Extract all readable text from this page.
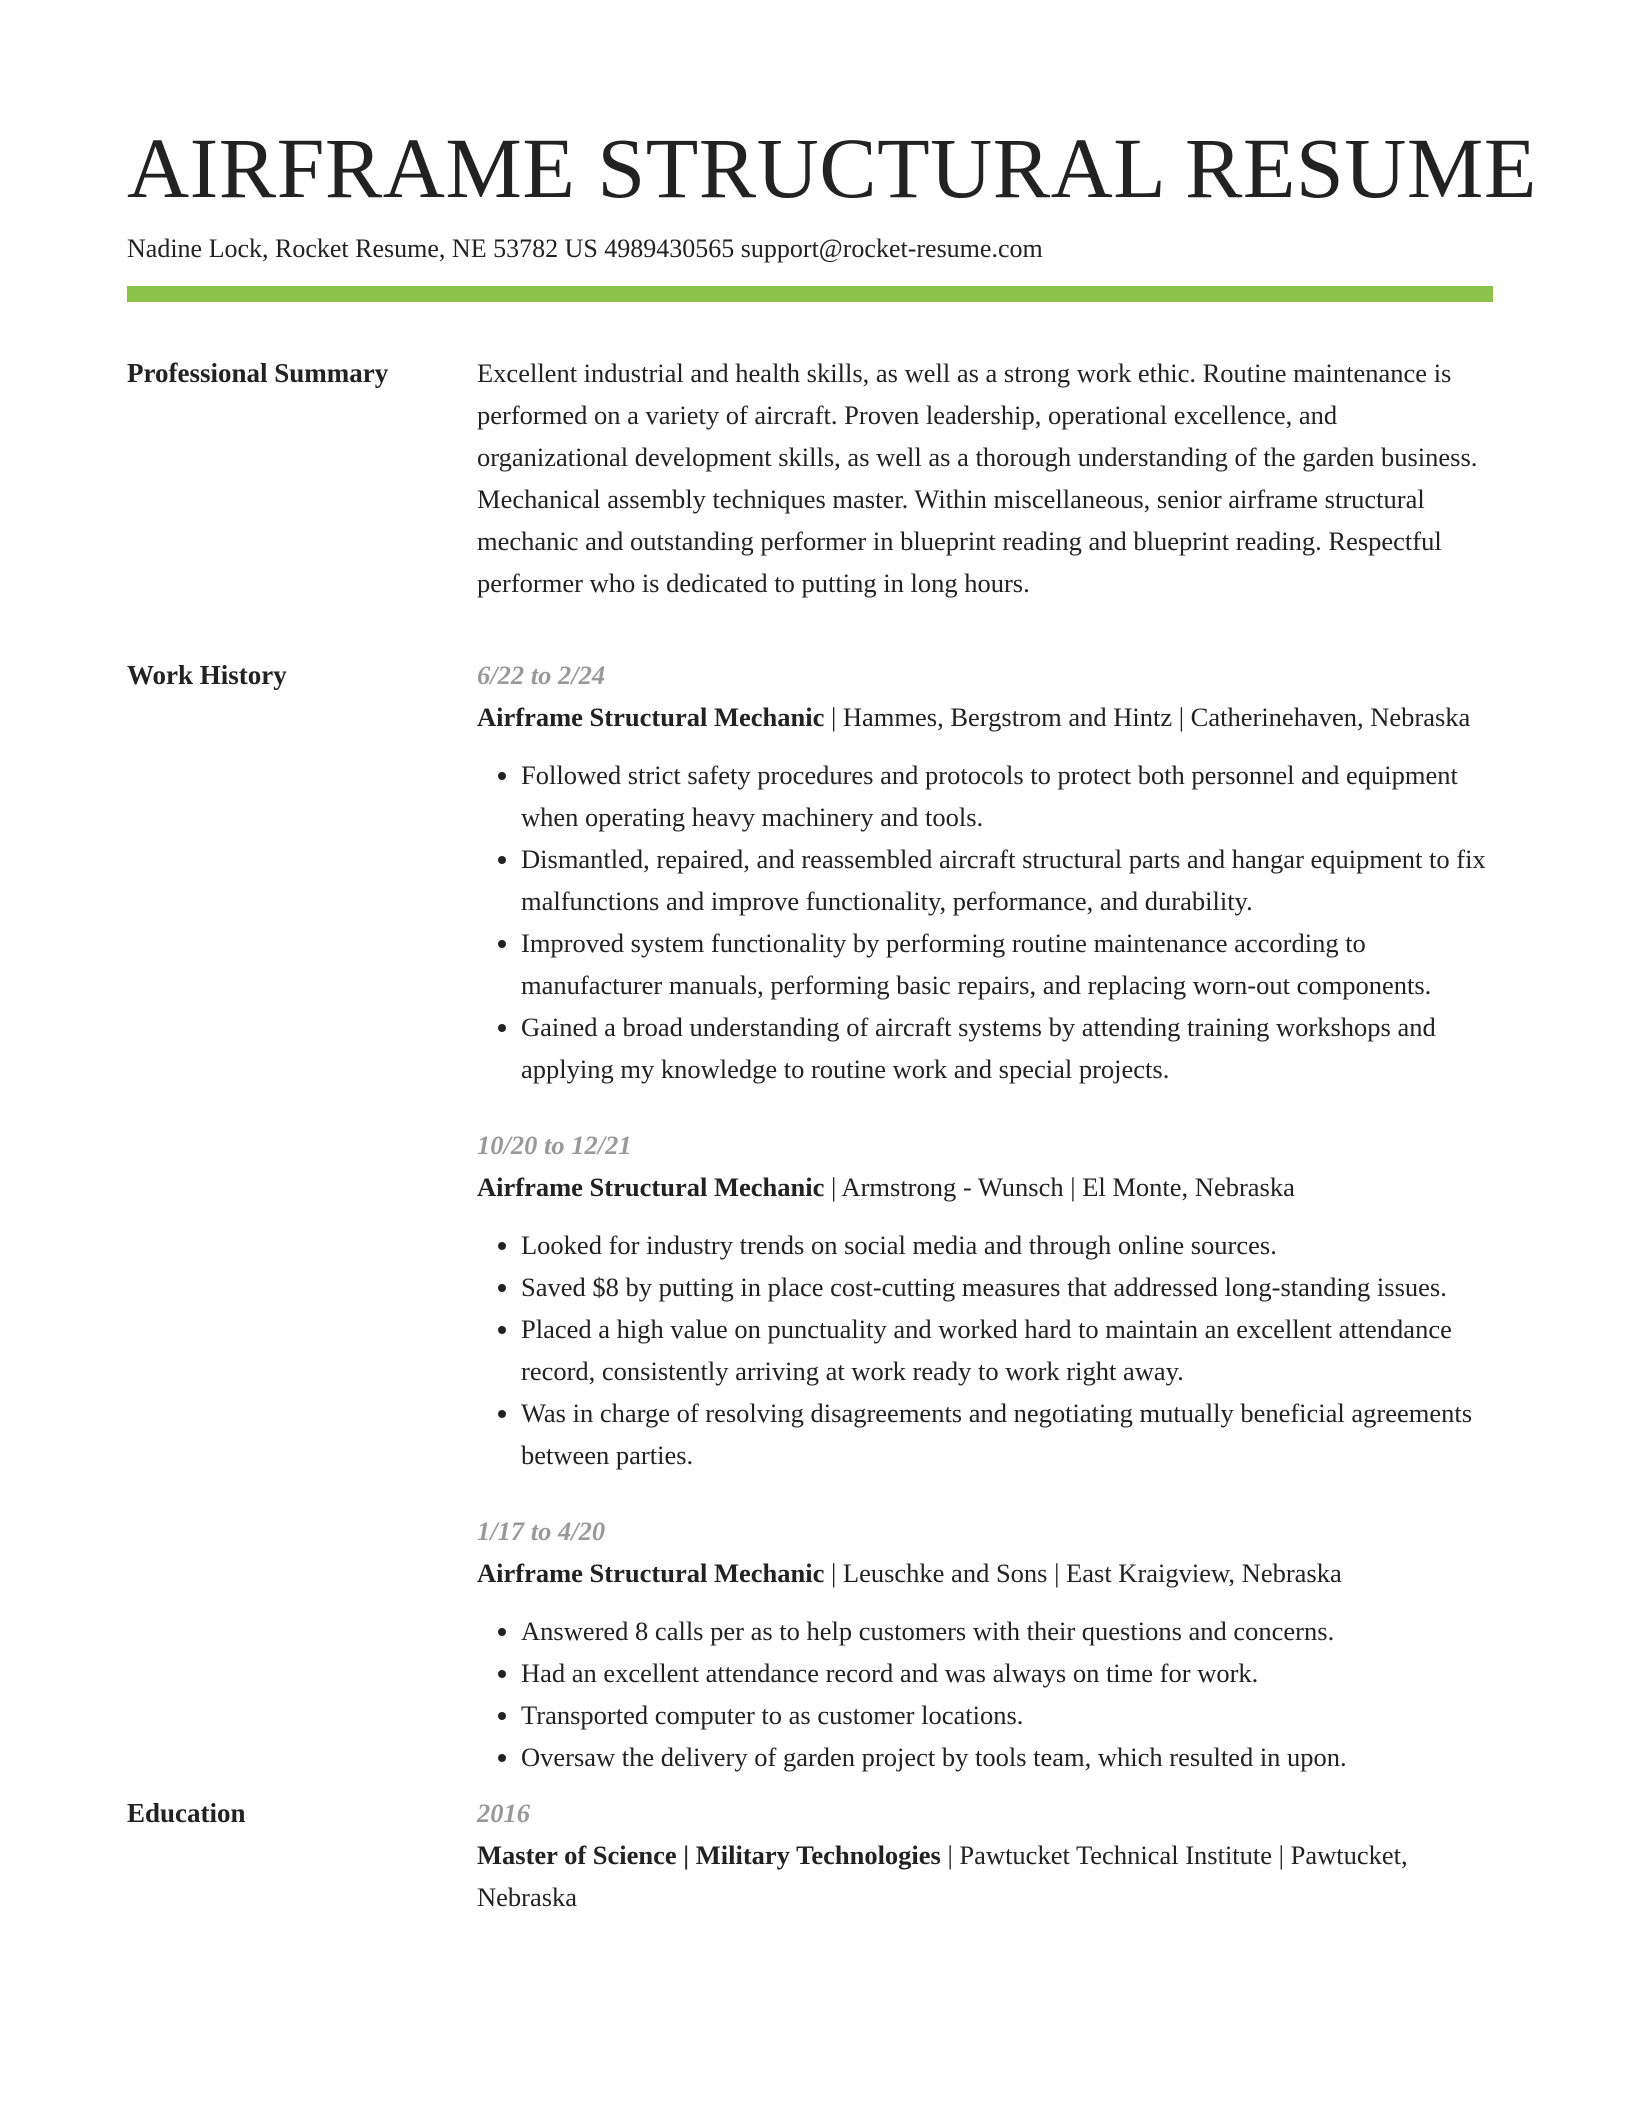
AIRFRAME STRUCTURAL RESUME
Nadine Lock, Rocket Resume, NE 53782 US 4989430565 support@rocket-resume.com
Professional Summary	Excellent industrial and health skills, as well as a strong work ethic. Routine maintenance is performed on a variety of aircraft. Proven leadership, operational excellence, and organizational development skills, as well as a thorough understanding of the garden business. Mechanical assembly techniques master. Within miscellaneous, senior airframe structural mechanic and outstanding performer in blueprint reading and blueprint reading. Respectful performer who is dedicated to putting in long hours.

Work History	6/22 to 2/24
Airframe Structural Mechanic | Hammes, Bergstrom and Hintz | Catherinehaven, Nebraska
• Followed strict safety procedures and protocols to protect both personnel and equipment when operating heavy machinery and tools.
• Dismantled, repaired, and reassembled aircraft structural parts and hangar equipment to fix malfunctions and improve functionality, performance, and durability.
• Improved system functionality by performing routine maintenance according to manufacturer manuals, performing basic repairs, and replacing worn-out components.
• Gained a broad understanding of aircraft systems by attending training workshops and applying my knowledge to routine work and special projects.
10/20 to 12/21
Airframe Structural Mechanic | Armstrong - Wunsch | El Monte, Nebraska
• Looked for industry trends on social media and through online sources.
• Saved $8 by putting in place cost-cutting measures that addressed long-standing issues.
• Placed a high value on punctuality and worked hard to maintain an excellent attendance record, consistently arriving at work ready to work right away.
• Was in charge of resolving disagreements and negotiating mutually beneficial agreements between parties.
1/17 to 4/20
Airframe Structural Mechanic | Leuschke and Sons | East Kraigview, Nebraska
• Answered 8 calls per as to help customers with their questions and concerns.
• Had an excellent attendance record and was always on time for work.
• Transported computer to as customer locations.
• Oversaw the delivery of garden project by tools team, which resulted in upon.
Education	2016
Master of Science | Military Technologies | Pawtucket Technical Institute | Pawtucket, Nebraska
